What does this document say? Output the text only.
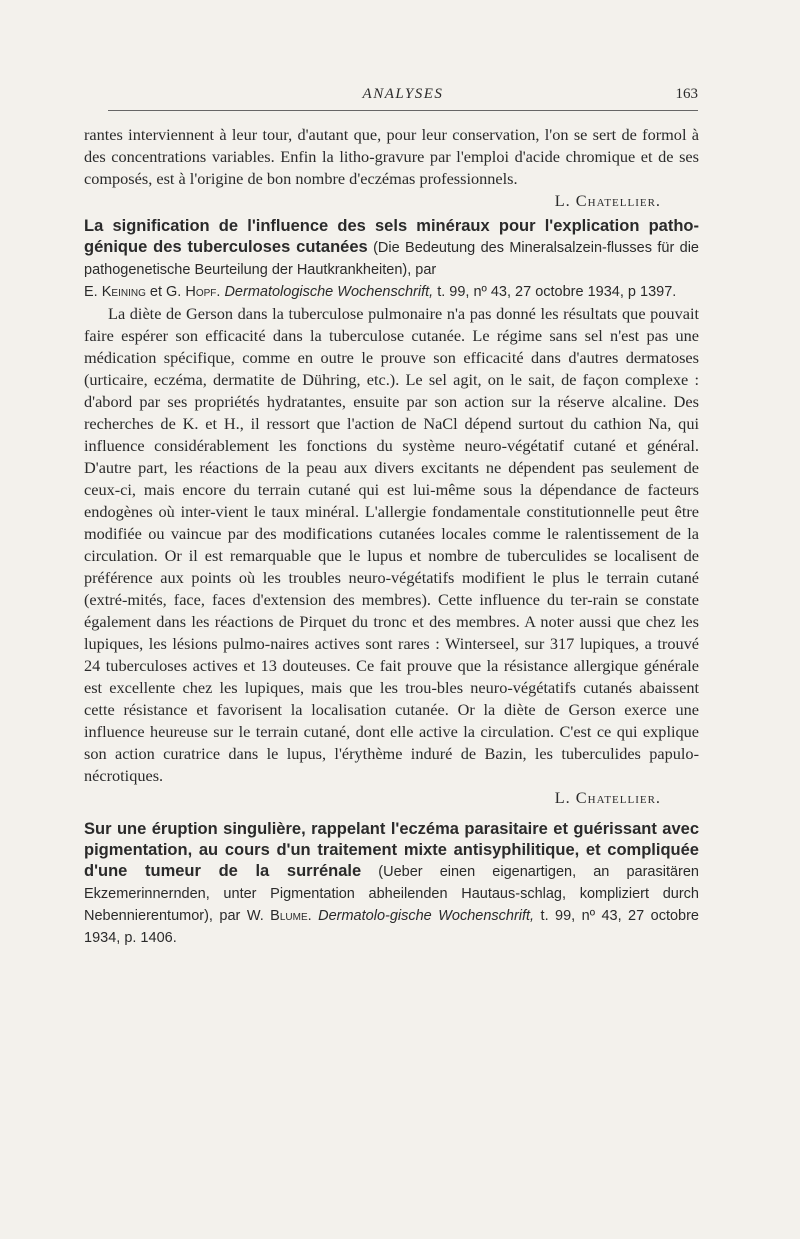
ANALYSES	163

rantes interviennent à leur tour, d'autant que, pour leur conservation, l'on se sert de formol à des concentrations variables. Enfin la litho-gravure par l'emploi d'acide chromique et de ses composés, est à l'origine de bon nombre d'eczémas professionnels.

L. Chatellier.

La signification de l'influence des sels minéraux pour l'explication patho-génique des tuberculoses cutanées (Die Bedeutung des Mineralsalzein-flusses für die pathogenetische Beurteilung der Hautkrankheiten), par
E. Keining et G. Hopf. Dermatologische Wochenschrift, t. 99, nº 43, 27 octobre 1934, p 1397.

La diète de Gerson dans la tuberculose pulmonaire n'a pas donné les résultats que pouvait faire espérer son efficacité dans la tuberculose cutanée. Le régime sans sel n'est pas une médication spécifique, comme en outre le prouve son efficacité dans d'autres dermatoses (urticaire, eczéma, dermatite de Dühring, etc.). Le sel agit, on le sait, de façon complexe : d'abord par ses propriétés hydratantes, ensuite par son action sur la réserve alcaline. Des recherches de K. et H., il ressort que l'action de NaCl dépend surtout du cathion Na, qui influence considérablement les fonctions du système neuro-végétatif cutané et général. D'autre part, les réactions de la peau aux divers excitants ne dépendent pas seulement de ceux-ci, mais encore du terrain cutané qui est lui-même sous la dépendance de facteurs endogènes où inter-vient le taux minéral. L'allergie fondamentale constitutionnelle peut être modifiée ou vaincue par des modifications cutanées locales comme le ralentissement de la circulation. Or il est remarquable que le lupus et nombre de tuberculides se localisent de préférence aux points où les troubles neuro-végétatifs modifient le plus le terrain cutané (extré-mités, face, faces d'extension des membres). Cette influence du ter-rain se constate également dans les réactions de Pirquet du tronc et des membres. A noter aussi que chez les lupiques, les lésions pulmo-naires actives sont rares : Winterseel, sur 317 lupiques, a trouvé 24 tuberculoses actives et 13 douteuses. Ce fait prouve que la résistance allergique générale est excellente chez les lupiques, mais que les trou-bles neuro-végétatifs cutanés abaissent cette résistance et favorisent la localisation cutanée. Or la diète de Gerson exerce une influence heureuse sur le terrain cutané, dont elle active la circulation. C'est ce qui explique son action curatrice dans le lupus, l'érythème induré de Bazin, les tuberculides papulo-nécrotiques.

L. Chatellier.

Sur une éruption singulière, rappelant l'eczéma parasitaire et guérissant avec pigmentation, au cours d'un traitement mixte antisyphilitique, et compliquée d'une tumeur de la surrénale (Ueber einen eigenartigen, an parasitären Ekzemerinnernden, unter Pigmentation abheilenden Hautaus-schlag, kompliziert durch Nebennierentumor), par W. Blume. Dermatolo-gische Wochenschrift, t. 99, nº 43, 27 octobre 1934, p. 1406.
